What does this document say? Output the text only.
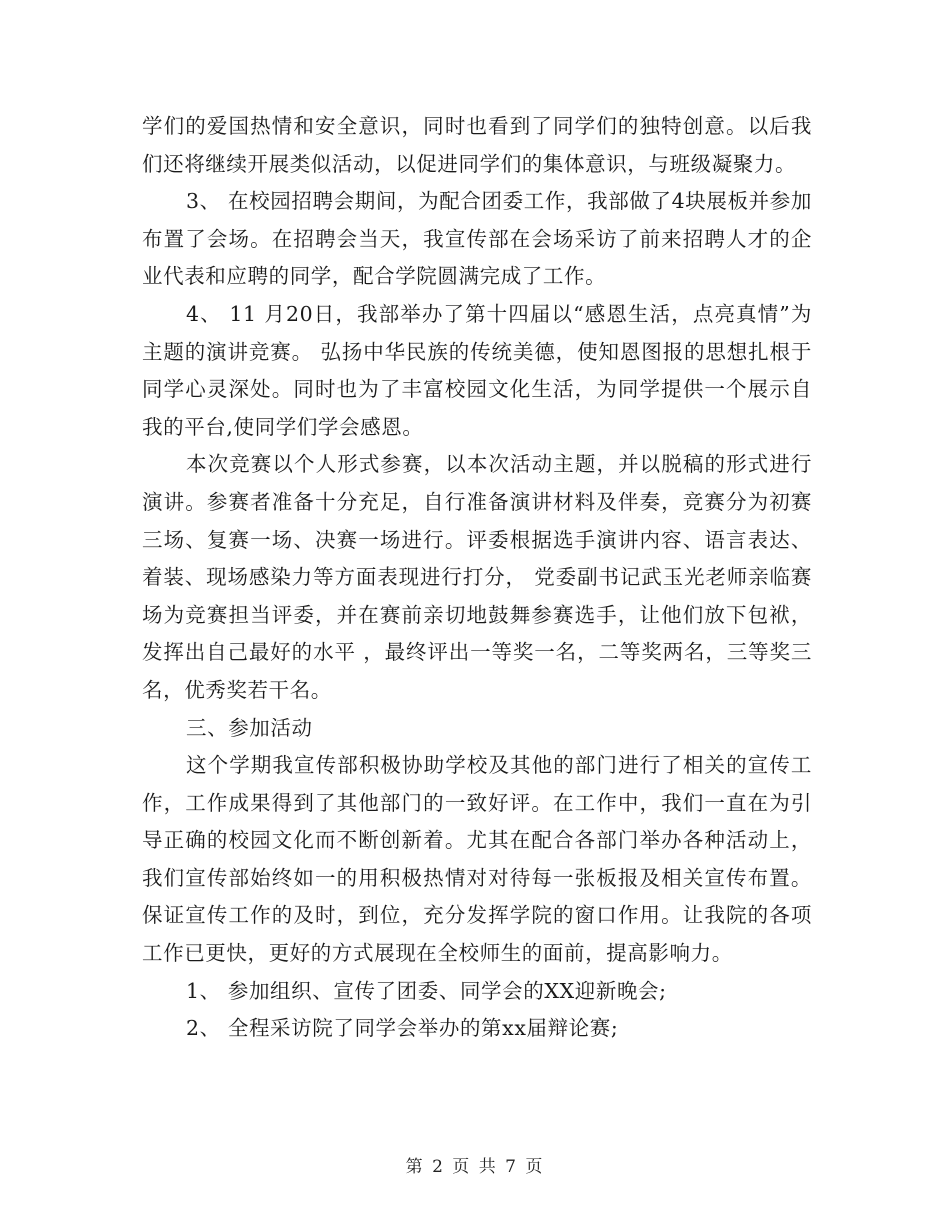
学们的爱国热情和安全意识，同时也看到了同学们的独特创意。以后我们还将继续开展类似活动，以促进同学们的集体意识，与班级凝聚力。

3、 在校园招聘会期间，为配合团委工作，我部做了4块展板并参加布置了会场。在招聘会当天，我宣传部在会场采访了前来招聘人才的企业代表和应聘的同学，配合学院圆满完成了工作。

4、 11 月20日，我部举办了第十四届以“感恩生活，点亮真情”为主题的演讲竞赛。 弘扬中华民族的传统美德，使知恩图报的思想扎根于同学心灵深处。同时也为了丰富校园文化生活，为同学提供一个展示自我的平台,使同学们学会感恩。

本次竞赛以个人形式参赛，以本次活动主题，并以脱稿的形式进行演讲。参赛者准备十分充足，自行准备演讲材料及伴奏，竞赛分为初赛三场、复赛一场、决赛一场进行。评委根据选手演讲内容、语言表达、着装、现场感染力等方面表现进行打分， 党委副书记武玉光老师亲临赛场为竞赛担当评委，并在赛前亲切地鼓舞参赛选手，让他们放下包袱，发挥出自己最好的水平 ，最终评出一等奖一名，二等奖两名，三等奖三名，优秀奖若干名。

三、参加活动

这个学期我宣传部积极协助学校及其他的部门进行了相关的宣传工作，工作成果得到了其他部门的一致好评。在工作中，我们一直在为引导正确的校园文化而不断创新着。尤其在配合各部门举办各种活动上，我们宣传部始终如一的用积极热情对对待每一张板报及相关宣传布置。保证宣传工作的及时，到位，充分发挥学院的窗口作用。让我院的各项工作已更快，更好的方式展现在全校师生的面前，提高影响力。

1、 参加组织、宣传了团委、同学会的XX迎新晚会;

2、 全程采访院了同学会举办的第xx届辩论赛;

第 2 页 共 7 页
